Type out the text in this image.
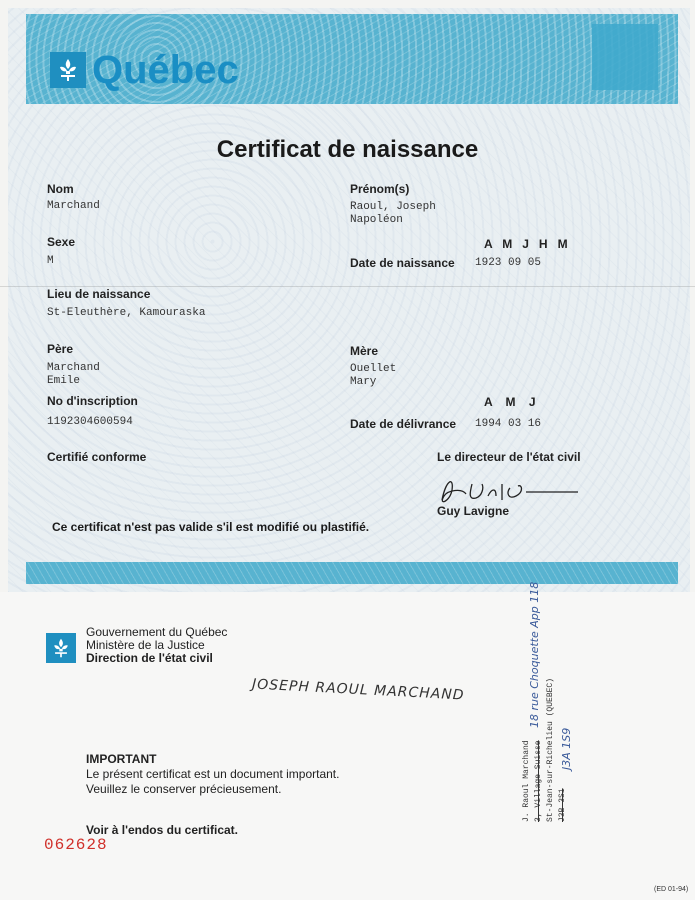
Québec
Certificat de naissance
Nom
Marchand
Prénom(s)
Raoul, Joseph
Napoléon
Sexe
M
A   M   J   H   M
Date de naissance 1923 09 05
Lieu de naissance
St-Eleuthère, Kamouraska
Père
Marchand
Emile
Mère
Ouellet
Mary
No d'inscription
1192304600594
A    M    J
Date de délivrance 1994 03 16
Certifié conforme	Le directeur de l'état civil
Guy Lavigne
Ce certificat n'est pas valide s'il est modifié ou plastifié.
Gouvernement du Québec
Ministère de la Justice
Direction de l'état civil
JOSEPH RAOUL MARCHAND
IMPORTANT
Le présent certificat est un document important.
Veuillez le conserver précieusement.
Voir à l'endos du certificat.
062628
(ED 01-94)
J. Raoul Marchand 3, Village Suisse St-Jean-sur-Richelieu (QUEBEC) J3B 3S1
18 rue Choquette App 118
J3A 1S9
